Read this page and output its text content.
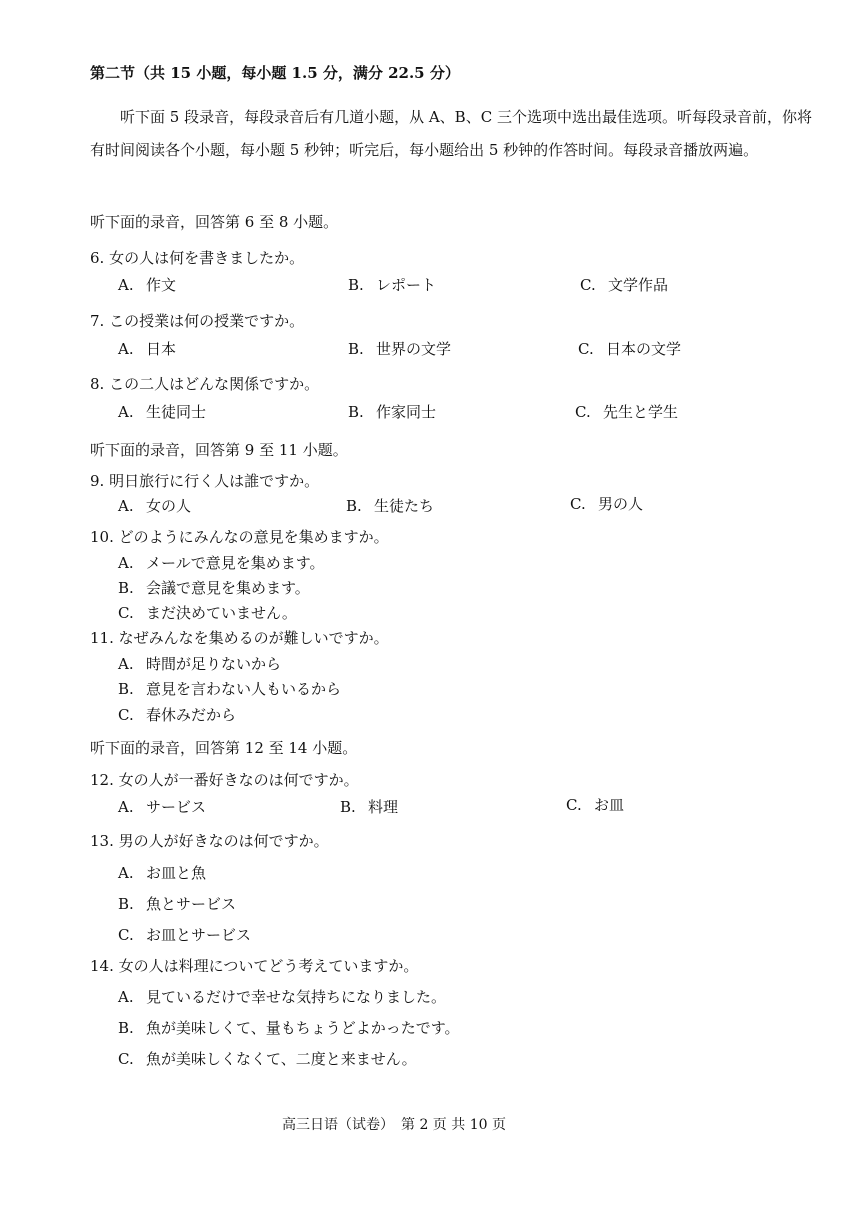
第二节（共 15 小题，每小题 1.5 分，满分 22.5 分）
听下面 5 段录音，每段录音后有几道小题，从 A、B、C 三个选项中选出最佳选项。听每段录音前，你将有时间阅读各个小题，每小题 5 秒钟；听完后，每小题给出 5 秒钟的作答时间。每段录音播放两遍。
听下面的录音，回答第 6 至 8 小题。
6. 女の人は何を書きましたか。
A. 作文	B. レポート	C. 文学作品
7. この授業は何の授業ですか。
A. 日本	B. 世界の文学	C. 日本の文学
8. この二人はどんな関係ですか。
A. 生徒同士	B. 作家同士	C. 先生と学生
听下面的录音，回答第 9 至 11 小题。
9. 明日旅行に行く人は誰ですか。
A. 女の人	B. 生徒たち	C. 男の人
10. どのようにみんなの意見を集めますか。
A. メールで意見を集めます。
B. 会議で意見を集めます。
C. まだ決めていません。
11. なぜみんなを集めるのが難しいですか。
A. 時間が足りないから
B. 意見を言わない人もいるから
C. 春休みだから
听下面的录音，回答第 12 至 14 小题。
12. 女の人が一番好きなのは何ですか。
A. サービス	B. 料理	C. お皿
13. 男の人が好きなのは何ですか。
A. お皿と魚
B. 魚とサービス
C. お皿とサービス
14. 女の人は料理についてどう考えていますか。
A. 見ているだけで幸せな気持ちになりました。
B. 魚が美味しくて、量もちょうどよかったです。
C. 魚が美味しくなくて、二度と来ません。
高三日语（试卷）　第 2 页 共 10 页
